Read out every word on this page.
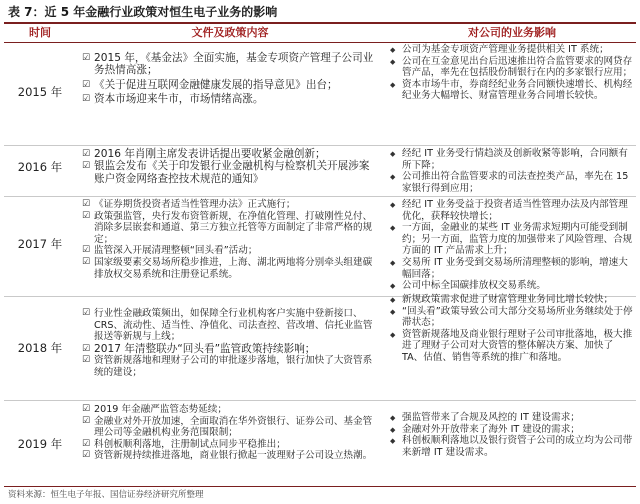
表 7：近 5 年金融行业政策对恒生电子业务的影响
时间	文件及政策内容	对公司的业务影响
2015 年

☑ 2015 年，《基金法》全面实施，基金专项资产管理子公司业务热情高涨；

☑ 《关于促进互联网金融健康发展的指导意见》出台；

☑ 资本市场迎来牛市，市场情绪高涨。

◆ 公司为基金专项资产管理业务提供相关 IT 系统；

◆ 公司在互金意见出台后迅速推出符合监管要求的网贷存管产品，率先在包括股份制银行在内的多家银行应用；

◆ 资本市场牛市，券商经纪业务合同额快速增长、机构经纪业务大幅增长、财富管理业务合同增长较快。

2016 年

☑ 2016 年肖刚主席发表讲话提出要收紧金融创新；

☑ 银监会发布《关于印发银行业金融机构与检察机关开展涉案账户资金网络查控技术规范的通知》

◆ 经纪 IT 业务受行情趋淡及创新收紧等影响，合同额有所下降；

◆ 公司推出符合监管要求的司法查控类产品，率先在 15 家银行得到应用；

2017 年

☑ 《证券期货投资者适当性管理办法》正式施行；

☑ 政策强监管，央行发布资管新规，在净值化管理、打破刚性兑付、消除多层嵌套和通道、第三方独立托管等方面制定了非常严格的规定；

☑ 监管深入开展清理整顿“回头看”活动；

☑ 国家级要素交易场所稳步推进，上海、湖北两地将分别牵头组建碳排放权交易系统和注册登记系统。

◆ 经纪 IT 业务受益于投资者适当性管理办法及内部管理优化，获释较快增长；

◆ 一方面，金融业的某些 IT 业务需求短期内可能受到制约；另一方面，监管力度的加强带来了风险管理、合规方面的 IT 产品需求上升；

◆ 交易所 IT 业务受到交易场所清理整顿的影响，增速大幅回落；

◆ 公司中标全国碳排放权交易系统。

2018 年

☑ 行业性金融政策频出，如保障全行业机构客户实施中登新接口、CRS、流动性、适当性、净值化、司法查控、营改增、信托业监管报送等新规与上线；

☑ 2017 年清整联办“回头看”监管政策持续影响；

☑ 资管新规落地和理财子公司的审批逐步落地，银行加快了大资管系统的建设；

◆ 新规政策需求促进了财富管理业务同比增长较快；

◆ “回头看”政策导致公司大部分交易场所业务继续处于停滞状态；

◆ 资管新规落地及商业银行理财子公司审批落地，极大推进了理财子公司对大资管的整体解决方案、加快了 TA、估值、销售等系统的推广和落地。

2019 年

☑ 2019 年金融严监管态势延续；

☑ 金融业对外开放加速，全面取消在华外资银行、证券公司、基金管理公司等金融机构业务范围限制；

☑ 科创板顺利落地，注册制试点同步平稳推出；

☑ 资管新规持续推进落地，商业银行掀起一波理财子公司设立热潮。

◆ 强监管带来了合规及风控的 IT 建设需求；

◆ 金融对外开放带来了海外 IT 建设的需求；

◆ 科创板顺利落地以及银行资管子公司的成立均为公司带来新增 IT 建设需求。

资料来源：恒生电子年报、国信证券经济研究所整理
